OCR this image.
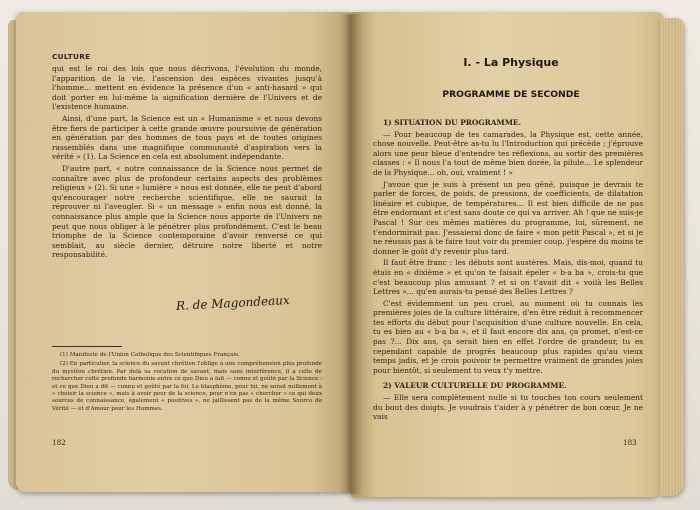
CULTURE

qui est le roi des lois que nous décrivons, l'évolution du monde, l'apparition de la vie, l'ascension des espèces vivantes jusqu'à l'homme... mettent en évidence la présence d'un « anti-hasard » qui doit porter en lui-même la signification dernière de l'Univers et de l'existence humaine.

Ainsi, d'une part, la Science est un « Humanisme » et nous devons être fiers de participer à cette grande œuvre poursuivie de génération en génération par des hommes de tous pays et de toutes origines rassemblés dans une magnifique communauté d'aspiration vers la vérité » (1). La Science en cela est absolument indépendante.

D'autre part, « notre connaissance de la Science nous permet de connaître avec plus de profondeur certains aspects des problèmes religieux » (2). Si une « lumière » nous est donnée, elle ne peut d'abord qu'encourager notre recherche scientifique, elle ne saurait la réprouver ni l'aveugler. Si « un message » enfin nous est donné, la connaissance plus ample que la Science nous apporte de l'Univers ne peut que nous obliger à le pénétrer plus profondément. C'est le beau triomphe de la Science contemporaine d'avoir renversé ce qui semblait, au siècle dernier, détruire notre liberté et notre responsabilité.

R. de Magondeaux

(1) Manifeste de l'Union Catholique des Scientifiques Français.

(2) En particulier, la science du savant chrétien l'oblige à une compréhension plus profonde du mystère chrétien. Par delà sa vocation de savant, mais sans interférence, il a celle de rechercher cette profonde harmonie entre ce que Dieu a fait — connu et goûté par la Science : et ce que Dieu a dit — connu et goûté par la foi. Le blasphème, pour lui, ne serait nullement à « choisir la science », mais à avoir peur de la science, pour n'en pas « chercher » ce qui deux sources de connaissance, également « positives », ne jaillissent pas de la même Source de Vérité — et d'Amour pour les Hommes.

182
I. - La Physique
PROGRAMME DE SECONDE

1) SITUATION DU PROGRAMME.

— Pour beaucoup de tes camarades, la Physique est, cette année, chose nouvelle. Peut-être as-tu lu l'Introduction qui précède ; j'éprouve alors une peur bleue d'entendre tes réflexions, au sortir des premières classes : « Il nous l'a tout de même bien dorée, la pilule... Le splendeur de la Physique... oh, oui, vraiment ! »

J'avoue que je suis à présent un peu gêné, puisque je devrais te parler de forces, de poids, de pressions, de coefficients, de dilatation linéaire et cubique, de températures... Il est bien difficile de ne pas être endormant et c'est sans doute ce qui va arriver. Ah ! que ne suis-je Pascal ! Sur ces mêmes matières du programme, lui, sûrement, ne t'endormirait pas. J'essaierai donc de faire « mon petit Pascal », et si je ne réussis pas à te faire tout voir du premier coup, j'espère du moins te donner le goût d'y revenir plus tard.

Il faut être franc : les débuts sont austères. Mais, dis-moi, quand tu étais en « dixième » et qu'on te faisait épeler « b-a ba », crois-tu que c'est beaucoup plus amusant ? et si on t'avait dit « voilà les Belles Lettres »... qu'en aurais-tu pensé des Belles Lettres ?

C'est évidemment un peu cruel, au moment où tu connais les premières joies de la culture littéraire, d'en être réduit à recommencer tes efforts du début pour l'acquisition d'une culture nouvelle. En cela, tu es bien au « b-a ba », et il faut encore dix ans, ça promet, n'est-ce pas ?... Dix ans, ça serait bien en effet l'ordre de grandeur, tu es cependant capable de progrès beaucoup plus rapides qu'au vieux temps jadis, et je crois pouvoir te permettre vraiment de grandes joies pour bientôt, si seulement tu veux t'y mettre.

2) VALEUR CULTURELLE DU PROGRAMME.

— Elle sera complètement nulle si tu touches ton cours seulement du bout des doigts. Je voudrais t'aider à y pénétrer de bon cœur. Je ne vais

183
